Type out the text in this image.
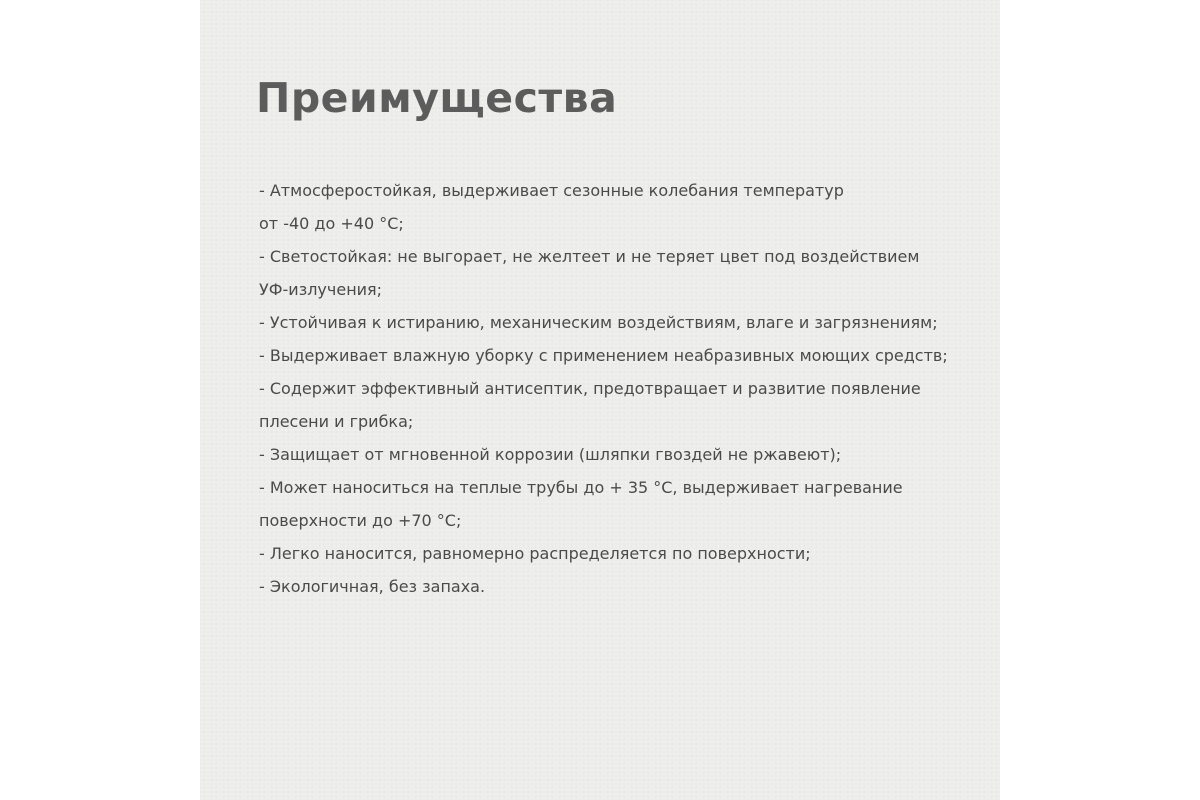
Преимущества
- Атмосферостойкая, выдерживает сезонные колебания температур
от -40 до +40 °С;
- Светостойкая: не выгорает, не желтеет и не теряет цвет под воздействием
УФ-излучения;
- Устойчивая к истиранию, механическим воздействиям, влаге и загрязнениям;
- Выдерживает влажную уборку с применением неабразивных моющих средств;
- Содержит эффективный антисептик, предотвращает и развитие появление
плесени и грибка;
- Защищает от мгновенной коррозии (шляпки гвоздей не ржавеют);
- Может наноситься на теплые трубы до + 35 °С, выдерживает нагревание
поверхности до +70 °С;
- Легко наносится, равномерно распределяется по поверхности;
- Экологичная, без запаха.
